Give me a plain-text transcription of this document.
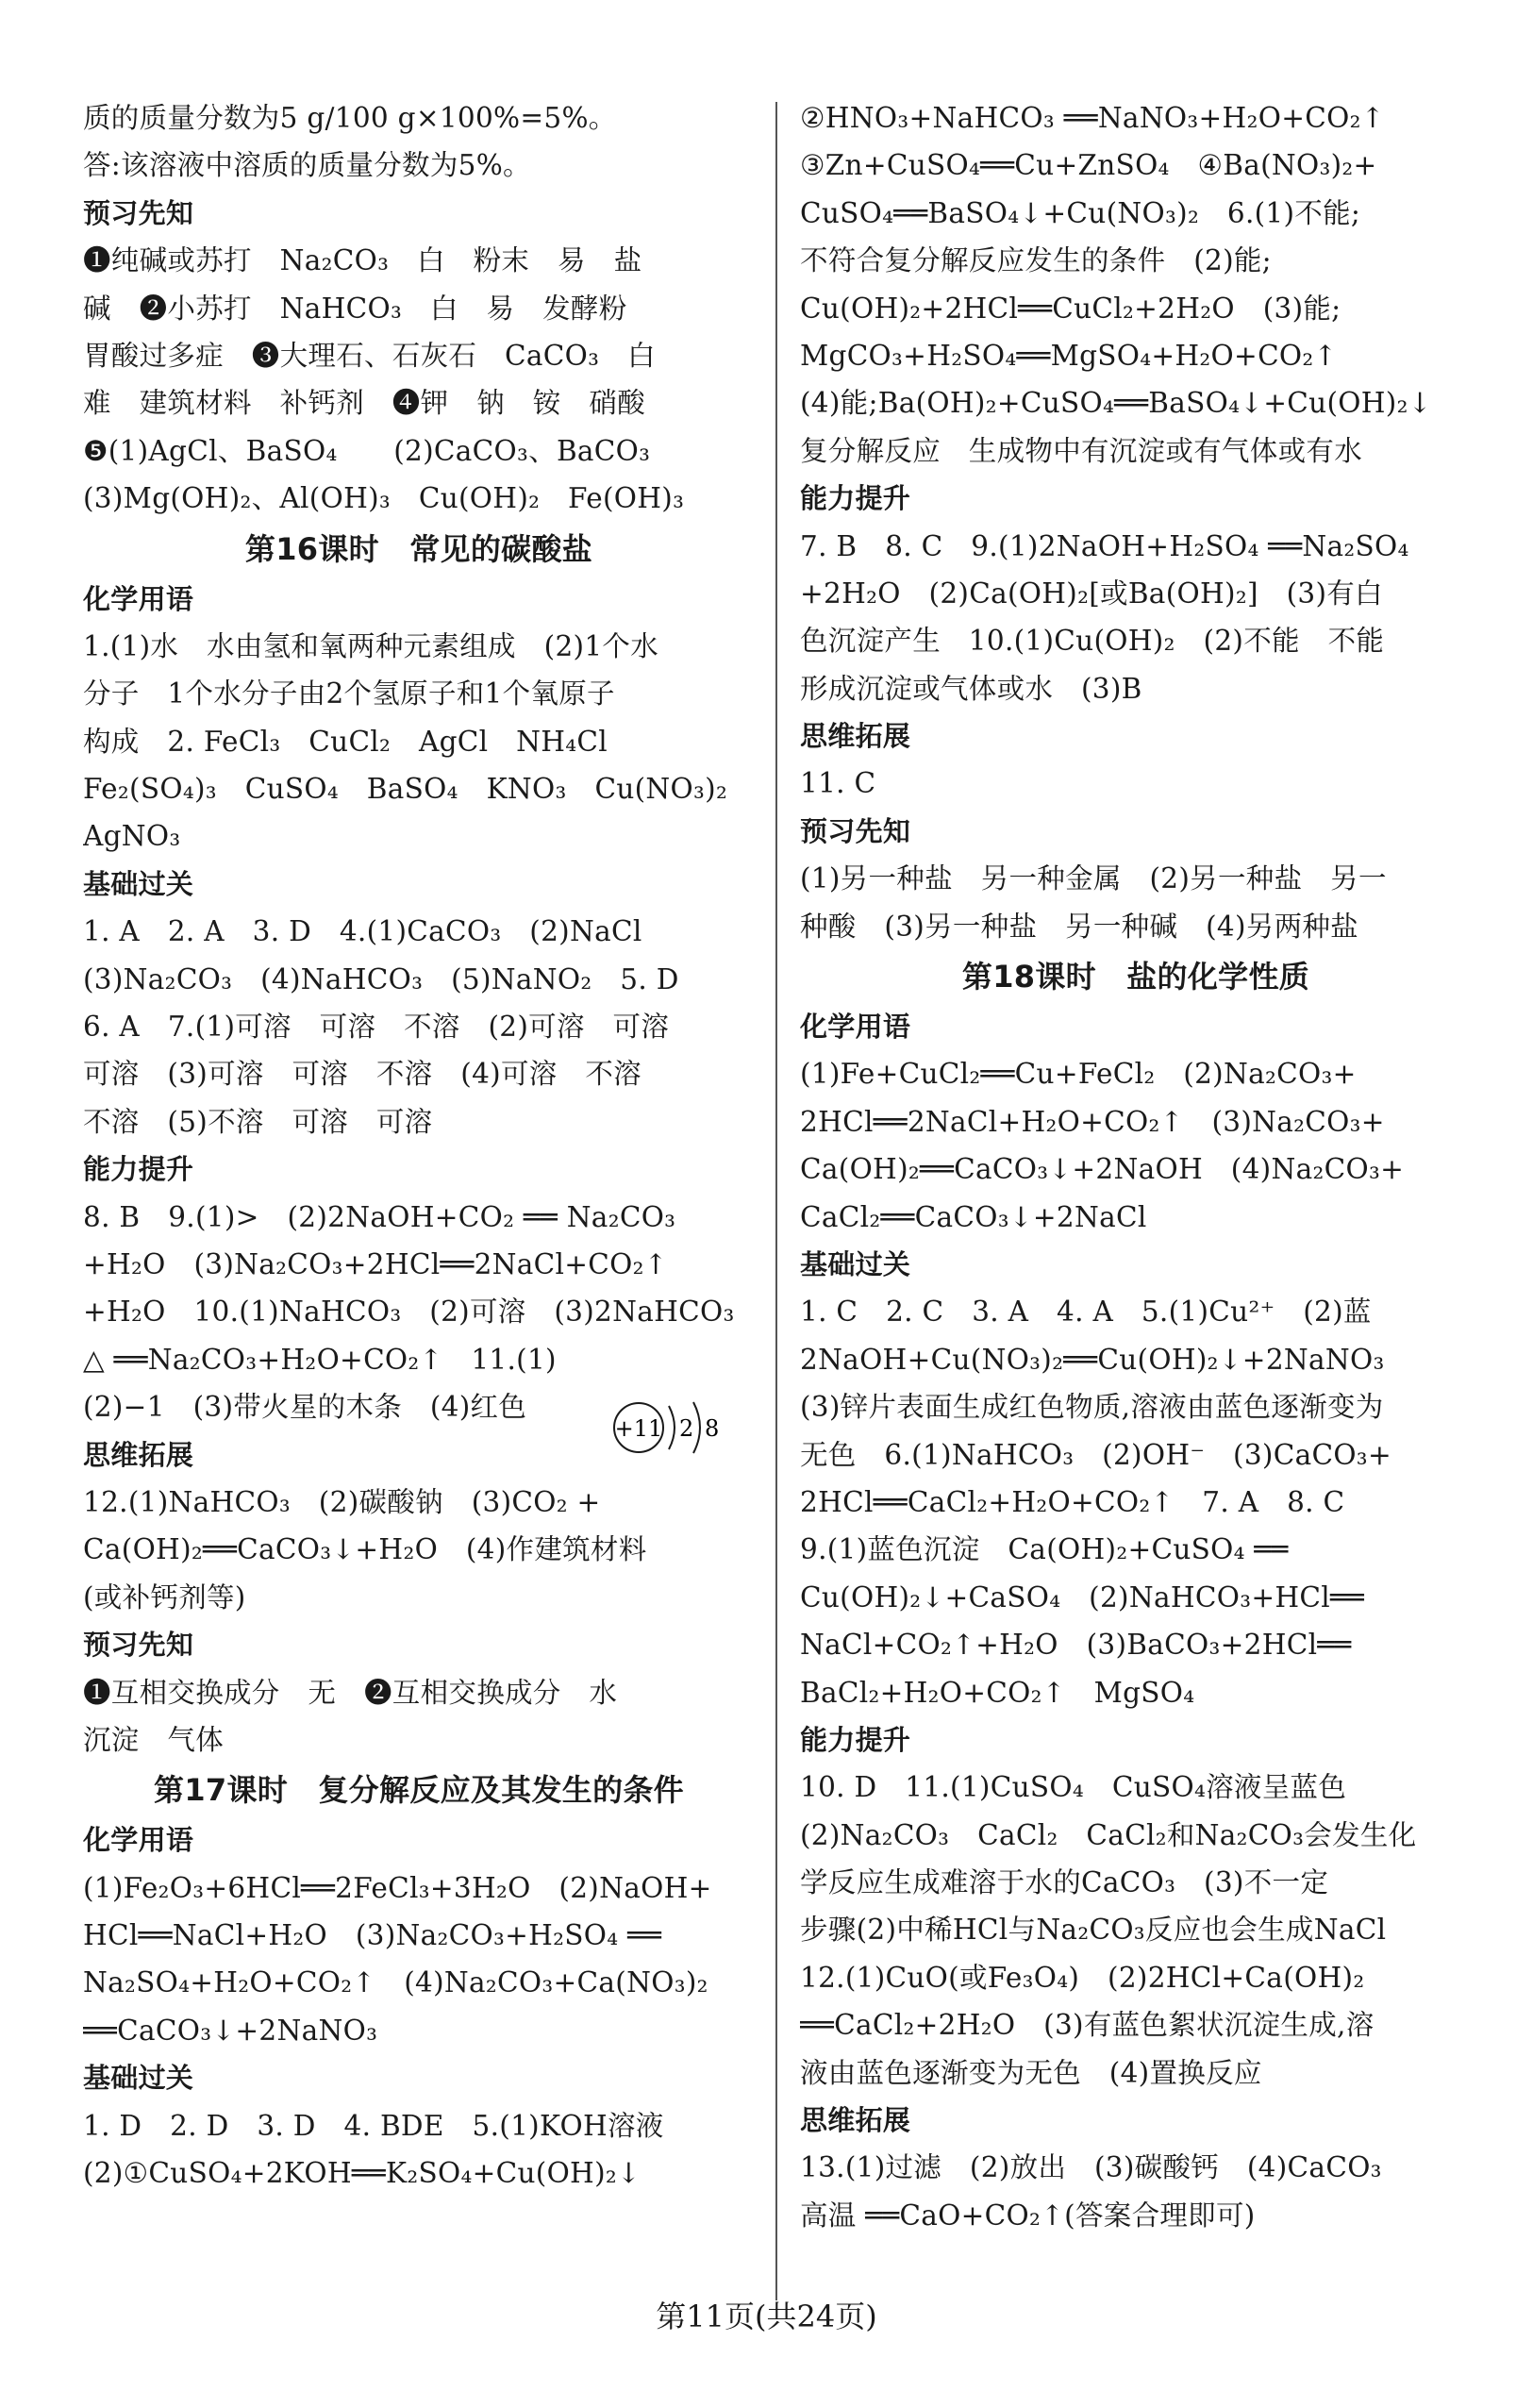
质的质量分数为5 g/100 g×100%=5%。
答:该溶液中溶质的质量分数为5%。
预习先知
❶纯碱或苏打　Na₂CO₃　白　粉末　易　盐
碱　❷小苏打　NaHCO₃　白　易　发酵粉
胃酸过多症　❸大理石、石灰石　CaCO₃　白
难　建筑材料　补钙剂　❹钾　钠　铵　硝酸
❺(1)AgCl、BaSO₄　　(2)CaCO₃、BaCO₃
(3)Mg(OH)₂、Al(OH)₃　Cu(OH)₂　Fe(OH)₃
第16课时　常见的碳酸盐
化学用语
1.(1)水　水由氢和氧两种元素组成　(2)1个水
分子　1个水分子由2个氢原子和1个氧原子
构成　2. FeCl₃　CuCl₂　AgCl　NH₄Cl
Fe₂(SO₄)₃　CuSO₄　BaSO₄　KNO₃　Cu(NO₃)₂
AgNO₃
基础过关
1. A　2. A　3. D　4.(1)CaCO₃　(2)NaCl
(3)Na₂CO₃　(4)NaHCO₃　(5)NaNO₂　5. D
6. A　7.(1)可溶　可溶　不溶　(2)可溶　可溶
可溶　(3)可溶　可溶　不溶　(4)可溶　不溶
不溶　(5)不溶　可溶　可溶
能力提升
8. B　9.(1)>　(2)2NaOH+CO₂ ══ Na₂CO₃
+H₂O　(3)Na₂CO₃+2HCl══2NaCl+CO₂↑
+H₂O　10.(1)NaHCO₃　(2)可溶　(3)2NaHCO₃
△ ══Na₂CO₃+H₂O+CO₂↑　11.(1)
(2)−1　(3)带火星的木条　(4)红色
思维拓展
12.(1)NaHCO₃　(2)碳酸钠　(3)CO₂ +
Ca(OH)₂══CaCO₃↓+H₂O　(4)作建筑材料
(或补钙剂等)
预习先知
❶互相交换成分　无　❷互相交换成分　水
沉淀　气体
第17课时　复分解反应及其发生的条件
化学用语
(1)Fe₂O₃+6HCl══2FeCl₃+3H₂O　(2)NaOH+
HCl══NaCl+H₂O　(3)Na₂CO₃+H₂SO₄ ══
Na₂SO₄+H₂O+CO₂↑　(4)Na₂CO₃+Ca(NO₃)₂
══CaCO₃↓+2NaNO₃
基础过关
1. D　2. D　3. D　4. BDE　5.(1)KOH溶液
(2)①CuSO₄+2KOH══K₂SO₄+Cu(OH)₂↓
②HNO₃+NaHCO₃ ══NaNO₃+H₂O+CO₂↑
③Zn+CuSO₄══Cu+ZnSO₄　④Ba(NO₃)₂+
CuSO₄══BaSO₄↓+Cu(NO₃)₂　6.(1)不能;
不符合复分解反应发生的条件　(2)能;
Cu(OH)₂+2HCl══CuCl₂+2H₂O　(3)能;
MgCO₃+H₂SO₄══MgSO₄+H₂O+CO₂↑
(4)能;Ba(OH)₂+CuSO₄══BaSO₄↓+Cu(OH)₂↓
复分解反应　生成物中有沉淀或有气体或有水
能力提升
7. B　8. C　9.(1)2NaOH+H₂SO₄ ══Na₂SO₄
+2H₂O　(2)Ca(OH)₂[或Ba(OH)₂]　(3)有白
色沉淀产生　10.(1)Cu(OH)₂　(2)不能　不能
形成沉淀或气体或水　(3)B
思维拓展
11. C
预习先知
(1)另一种盐　另一种金属　(2)另一种盐　另一
种酸　(3)另一种盐　另一种碱　(4)另两种盐
第18课时　盐的化学性质
化学用语
(1)Fe+CuCl₂══Cu+FeCl₂　(2)Na₂CO₃+
2HCl══2NaCl+H₂O+CO₂↑　(3)Na₂CO₃+
Ca(OH)₂══CaCO₃↓+2NaOH　(4)Na₂CO₃+
CaCl₂══CaCO₃↓+2NaCl
基础过关
1. C　2. C　3. A　4. A　5.(1)Cu²⁺　(2)蓝
2NaOH+Cu(NO₃)₂══Cu(OH)₂↓+2NaNO₃
(3)锌片表面生成红色物质,溶液由蓝色逐渐变为
无色　6.(1)NaHCO₃　(2)OH⁻　(3)CaCO₃+
2HCl══CaCl₂+H₂O+CO₂↑　7. A　8. C
9.(1)蓝色沉淀　Ca(OH)₂+CuSO₄ ══
Cu(OH)₂↓+CaSO₄　(2)NaHCO₃+HCl══
NaCl+CO₂↑+H₂O　(3)BaCO₃+2HCl══
BaCl₂+H₂O+CO₂↑　MgSO₄
能力提升
10. D　11.(1)CuSO₄　CuSO₄溶液呈蓝色
(2)Na₂CO₃　CaCl₂　CaCl₂和Na₂CO₃会发生化
学反应生成难溶于水的CaCO₃　(3)不一定
步骤(2)中稀HCl与Na₂CO₃反应也会生成NaCl
12.(1)CuO(或Fe₃O₄)　(2)2HCl+Ca(OH)₂
══CaCl₂+2H₂O　(3)有蓝色絮状沉淀生成,溶
液由蓝色逐渐变为无色　(4)置换反应
思维拓展
13.(1)过滤　(2)放出　(3)碳酸钙　(4)CaCO₃
高温 ══CaO+CO₂↑(答案合理即可)
+11 2 8
第11页(共24页)
